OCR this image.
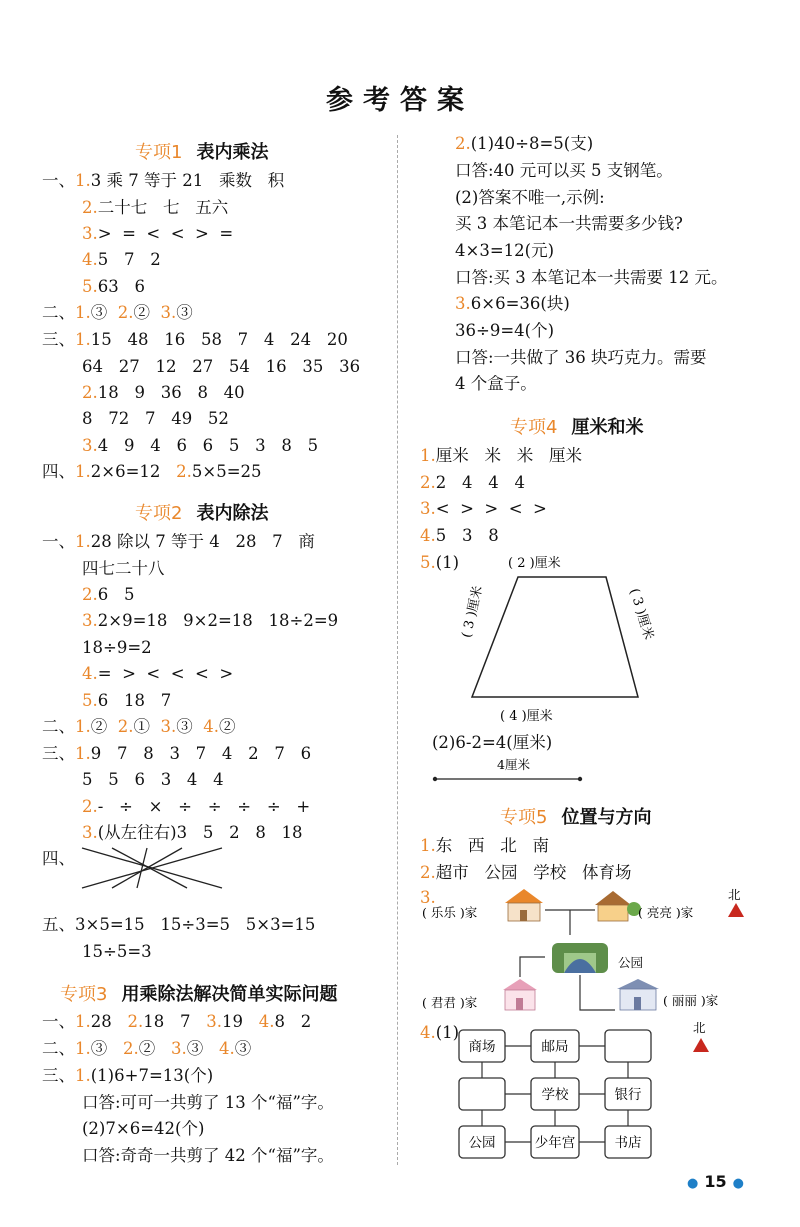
参考答案
专项1 表内乘法
一、1.3 乘 7 等于 21   乘数   积
2.二十七   七   五六
3.>  =  <  <  >  =
4.5   7   2
5.63   6
二、1.③ 2.② 3.③
三、1.15   48   16   58   7   4   24   20
64   27   12   27   54   16   35   36
2.18   9   36   8   40
8   72   7   49   52
3.4   9   4   6   6   5   3   8   5
四、1.2×6=12 2.5×5=25
专项2 表内除法
一、1.28 除以 7 等于 4   28   7   商
四七二十八
2.6   5
3.2×9=18   9×2=18   18÷2=9
18÷9=2
4.=  >  <  <  <  >
5.6   18   7
二、1.② 2.① 3.③ 4.②
三、1.9   7   8   3   7   4   2   7   6
5   5   6   3   4   4
2.-   ÷   ×   ÷   ÷   ÷   ÷   +
3.(从左往右)3   5   2   8   18
四、
五、3×5=15   15÷3=5   5×3=15
15÷5=3
专项3 用乘除法解决简单实际问题
一、1.28 2.18   7 3.19 4.8   2
二、1.③ 2.② 3.③ 4.③
三、1.(1)6+7=13(个)
口答:可可一共剪了 13 个“福”字。
(2)7×6=42(个)
口答:奇奇一共剪了 42 个“福”字。
2.(1)40÷8=5(支)
口答:40 元可以买 5 支钢笔。
(2)答案不唯一,示例:
买 3 本笔记本一共需要多少钱?
4×3=12(元)
口答:买 3 本笔记本一共需要 12 元。
3.6×6=36(块)
36÷9=4(个)
口答:一共做了 36 块巧克力。需要
4 个盒子。
专项4 厘米和米
1.厘米   米   米   厘米
2.2   4   4   4
3.<  >  >  <  >
4.5   3   8
5.(1)	( 2 )厘米
( 4 )厘米
( 3 )厘米	( 3 )厘米
(2)6-2=4(厘米)
4厘米
专项5 位置与方向
1.东   西   北   南
2.超市   公园   学校   体育场
3.
( 乐乐 )家	( 亮亮 )家
公园
( 君君 )家	( 丽丽 )家
北
4.(1)
商场	邮局
学校	银行
公园	少年宫	书店
北
● 15 ●
